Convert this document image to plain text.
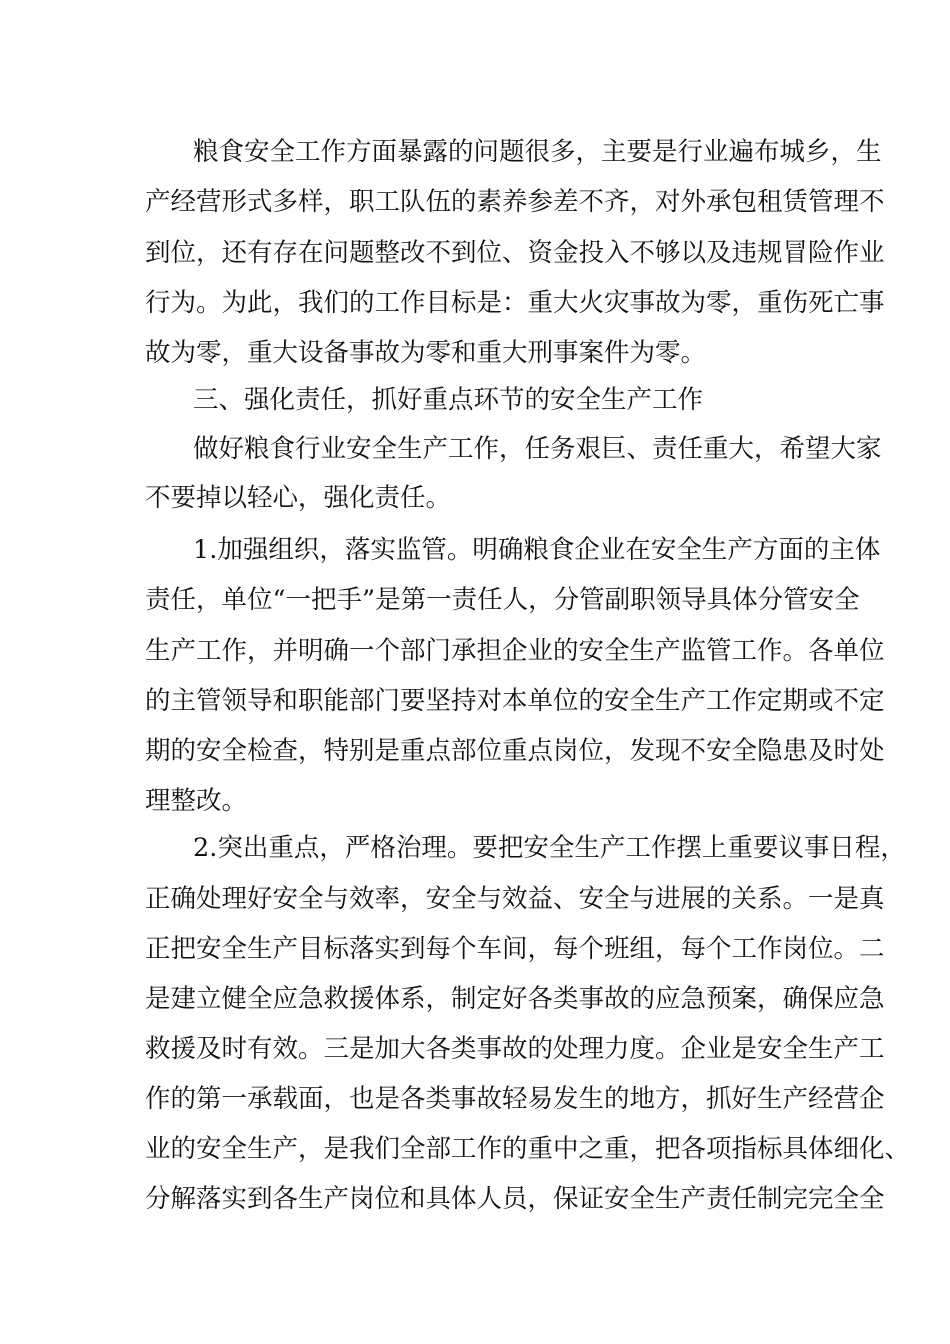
粮食安全工作方面暴露的问题很多，主要是行业遍布城乡，生
产经营形式多样，职工队伍的素养参差不齐，对外承包租赁管理不
到位，还有存在问题整改不到位、资金投入不够以及违规冒险作业
行为。为此，我们的工作目标是：重大火灾事故为零，重伤死亡事
故为零，重大设备事故为零和重大刑事案件为零。
三、强化责任，抓好重点环节的安全生产工作
做好粮食行业安全生产工作，任务艰巨、责任重大，希望大家
不要掉以轻心，强化责任。
1.加强组织，落实监管。明确粮食企业在安全生产方面的主体
责任，单位“一把手”是第一责任人，分管副职领导具体分管安全
生产工作，并明确一个部门承担企业的安全生产监管工作。各单位
的主管领导和职能部门要坚持对本单位的安全生产工作定期或不定
期的安全检查，特别是重点部位重点岗位，发现不安全隐患及时处
理整改。
2.突出重点，严格治理。要把安全生产工作摆上重要议事日程，
正确处理好安全与效率，安全与效益、安全与进展的关系。一是真
正把安全生产目标落实到每个车间，每个班组，每个工作岗位。二
是建立健全应急救援体系，制定好各类事故的应急预案，确保应急
救援及时有效。三是加大各类事故的处理力度。企业是安全生产工
作的第一承载面，也是各类事故轻易发生的地方，抓好生产经营企
业的安全生产，是我们全部工作的重中之重，把各项指标具体细化、
分解落实到各生产岗位和具体人员，保证安全生产责任制完完全全
